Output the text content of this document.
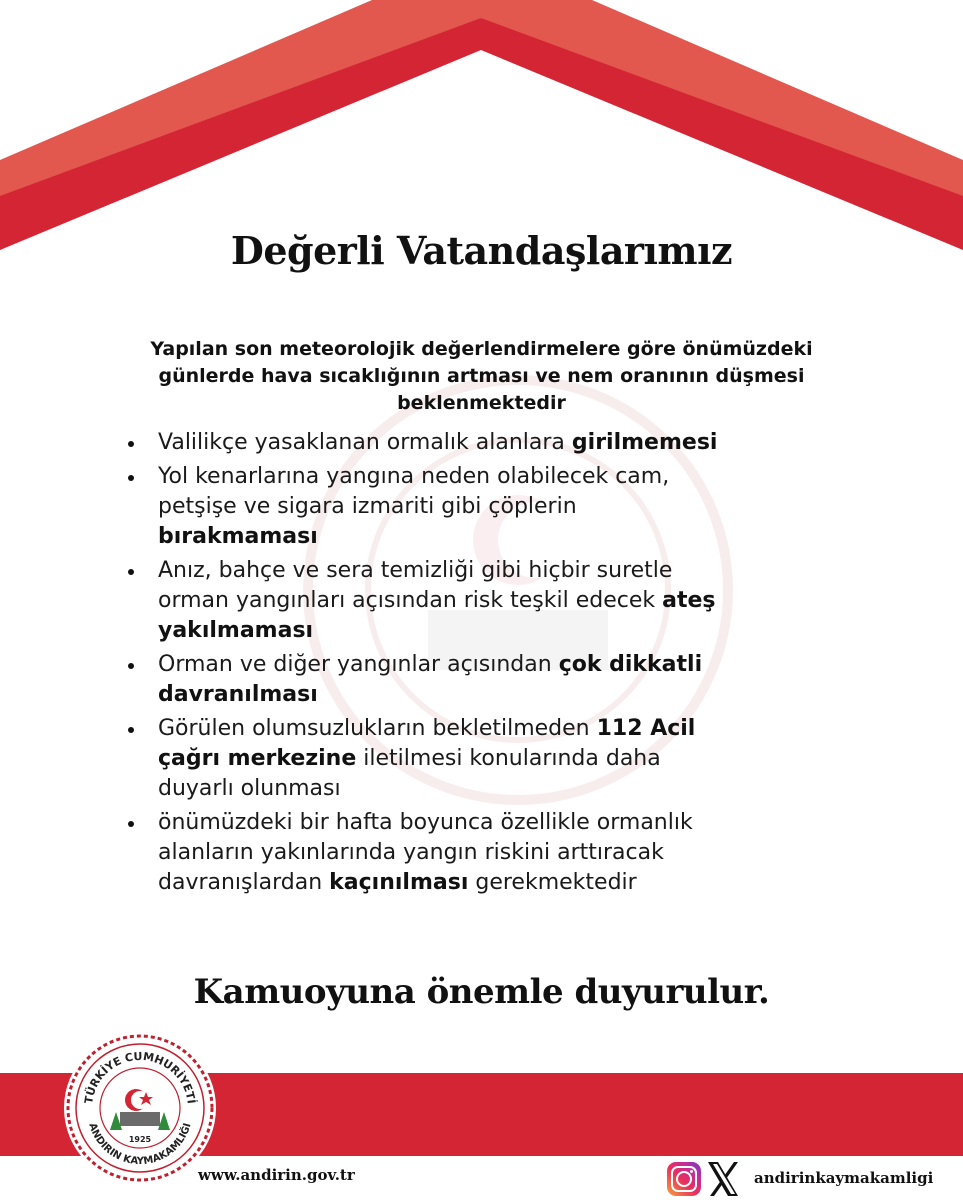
Değerli Vatandaşlarımız
Yapılan son meteorolojik değerlendirmelere göre önümüzdeki günlerde hava sıcaklığının artması ve nem oranının düşmesi beklenmektedir
Valilikçe yasaklanan ormalık alanlara girilmemesi
Yol kenarlarına yangına neden olabilecek cam, petşişe ve sigara izmariti gibi çöplerin bırakmaması
Anız, bahçe ve sera temizliği gibi hiçbir suretle orman yangınları açısından risk teşkil edecek ateş yakılmaması
Orman ve diğer yangınlar açısından çok dikkatli davranılması
Görülen olumsuzlukların bekletilmeden 112 Acil çağrı merkezine iletilmesi konularında daha duyarlı olunması
önümüzdeki bir hafta boyunca özellikle ormanlık alanların yakınlarında yangın riskini arttıracak davranışlardan kaçınılması gerekmektedir
Kamuoyuna önemle duyurulur.
TÜRKİYE CUMHURİYETİ
ANDIRIN KAYMAKAMLIĞI
1925
www.andirin.gov.tr	andirinkaymakamligi
